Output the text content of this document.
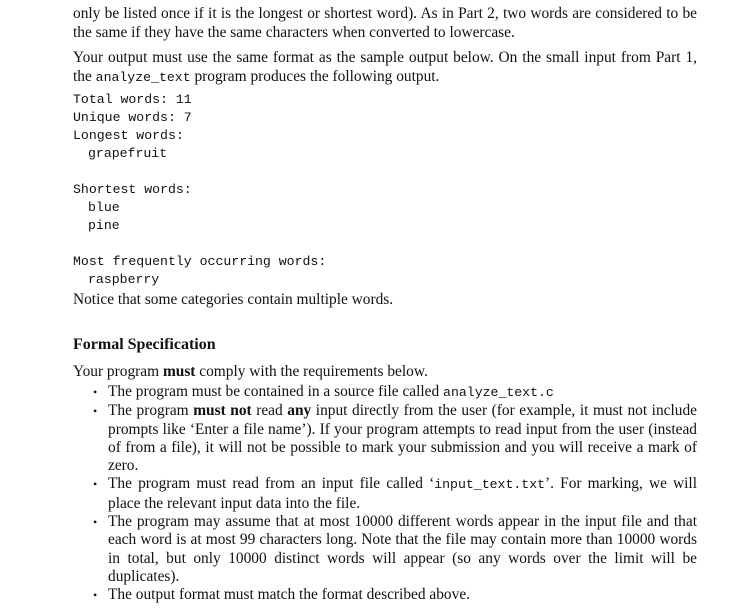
only be listed once if it is the longest or shortest word). As in Part 2, two words are considered to be the same if they have the same characters when converted to lowercase.

Your output must use the same format as the sample output below. On the small input from Part 1, the analyze_text program produces the following output.

Total words: 11
Unique words: 7
Longest words:
grapefruit
Shortest words:
blue
pine
Most frequently occurring words:
raspberry

Notice that some categories contain multiple words.

Formal Specification

Your program must comply with the requirements below.

• The program must be contained in a source file called analyze_text.c
• The program must not read any input directly from the user (for example, it must not include prompts like ‘Enter a file name’). If your program attempts to read input from the user (instead of from a file), it will not be possible to mark your submission and you will receive a mark of zero.
• The program must read from an input file called ‘input_text.txt’. For marking, we will place the relevant input data into the file.
• The program may assume that at most 10000 different words appear in the input file and that each word is at most 99 characters long. Note that the file may contain more than 10000 words in total, but only 10000 distinct words will appear (so any words over the limit will be duplicates).
• The output format must match the format described above.
